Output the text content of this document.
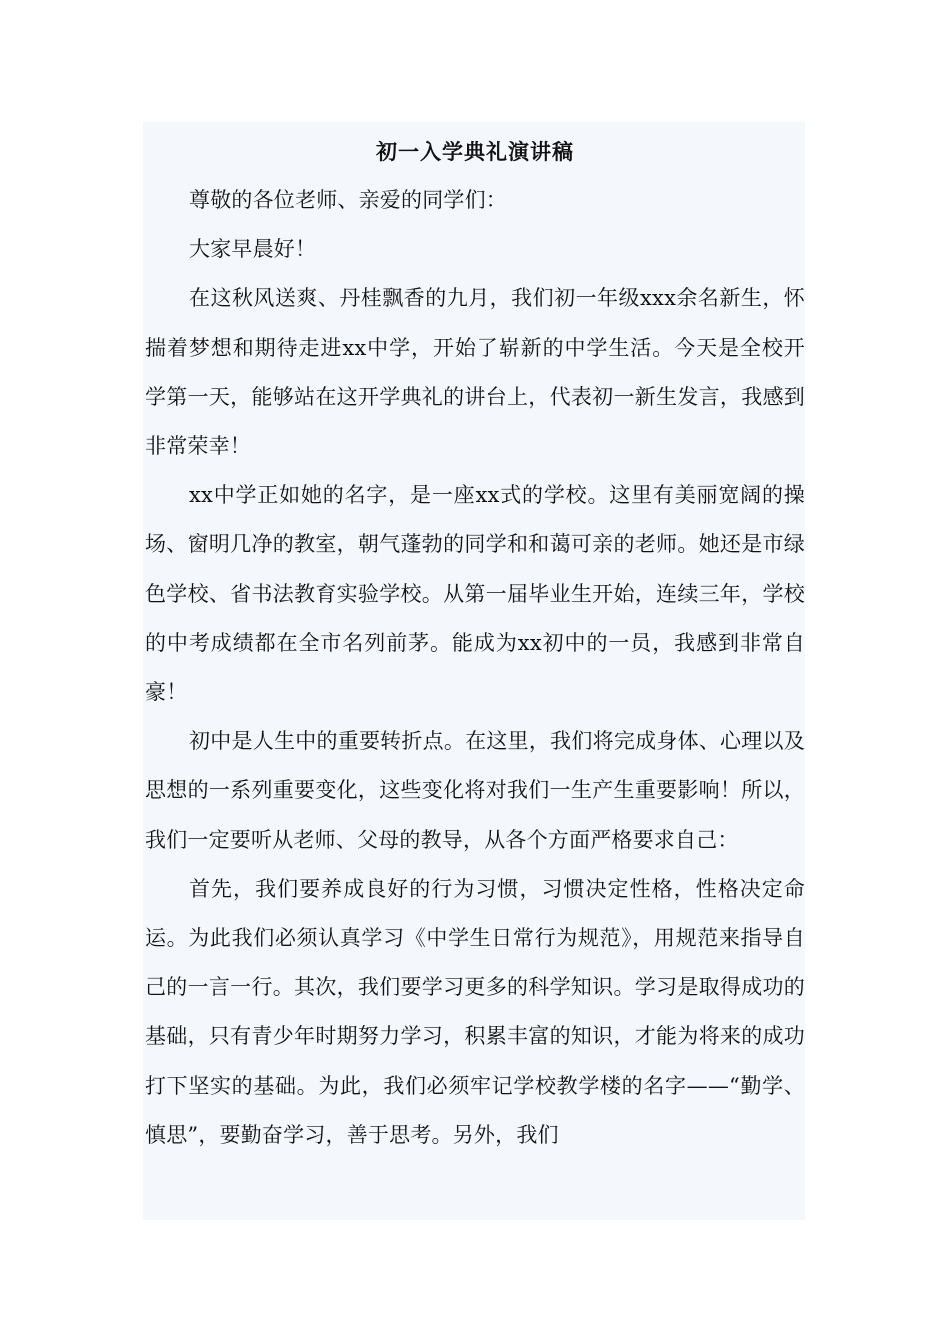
初一入学典礼演讲稿

尊敬的各位老师、亲爱的同学们：

大家早晨好！

在这秋风送爽、丹桂飘香的九月，我们初一年级xxx余名新生，怀揣着梦想和期待走进xx中学，开始了崭新的中学生活。今天是全校开学第一天，能够站在这开学典礼的讲台上，代表初一新生发言，我感到非常荣幸！

xx中学正如她的名字，是一座xx式的学校。这里有美丽宽阔的操场、窗明几净的教室，朝气蓬勃的同学和和蔼可亲的老师。她还是市绿色学校、省书法教育实验学校。从第一届毕业生开始，连续三年，学校的中考成绩都在全市名列前茅。能成为xx初中的一员，我感到非常自豪！

初中是人生中的重要转折点。在这里，我们将完成身体、心理以及思想的一系列重要变化，这些变化将对我们一生产生重要影响！所以，我们一定要听从老师、父母的教导，从各个方面严格要求自己：

首先，我们要养成良好的行为习惯，习惯决定性格，性格决定命运。为此我们必须认真学习《中学生日常行为规范》，用规范来指导自己的一言一行。其次，我们要学习更多的科学知识。学习是取得成功的基础，只有青少年时期努力学习，积累丰富的知识，才能为将来的成功打下坚实的基础。为此，我们必须牢记学校教学楼的名字——“勤学、慎思”，要勤奋学习，善于思考。另外，我们
